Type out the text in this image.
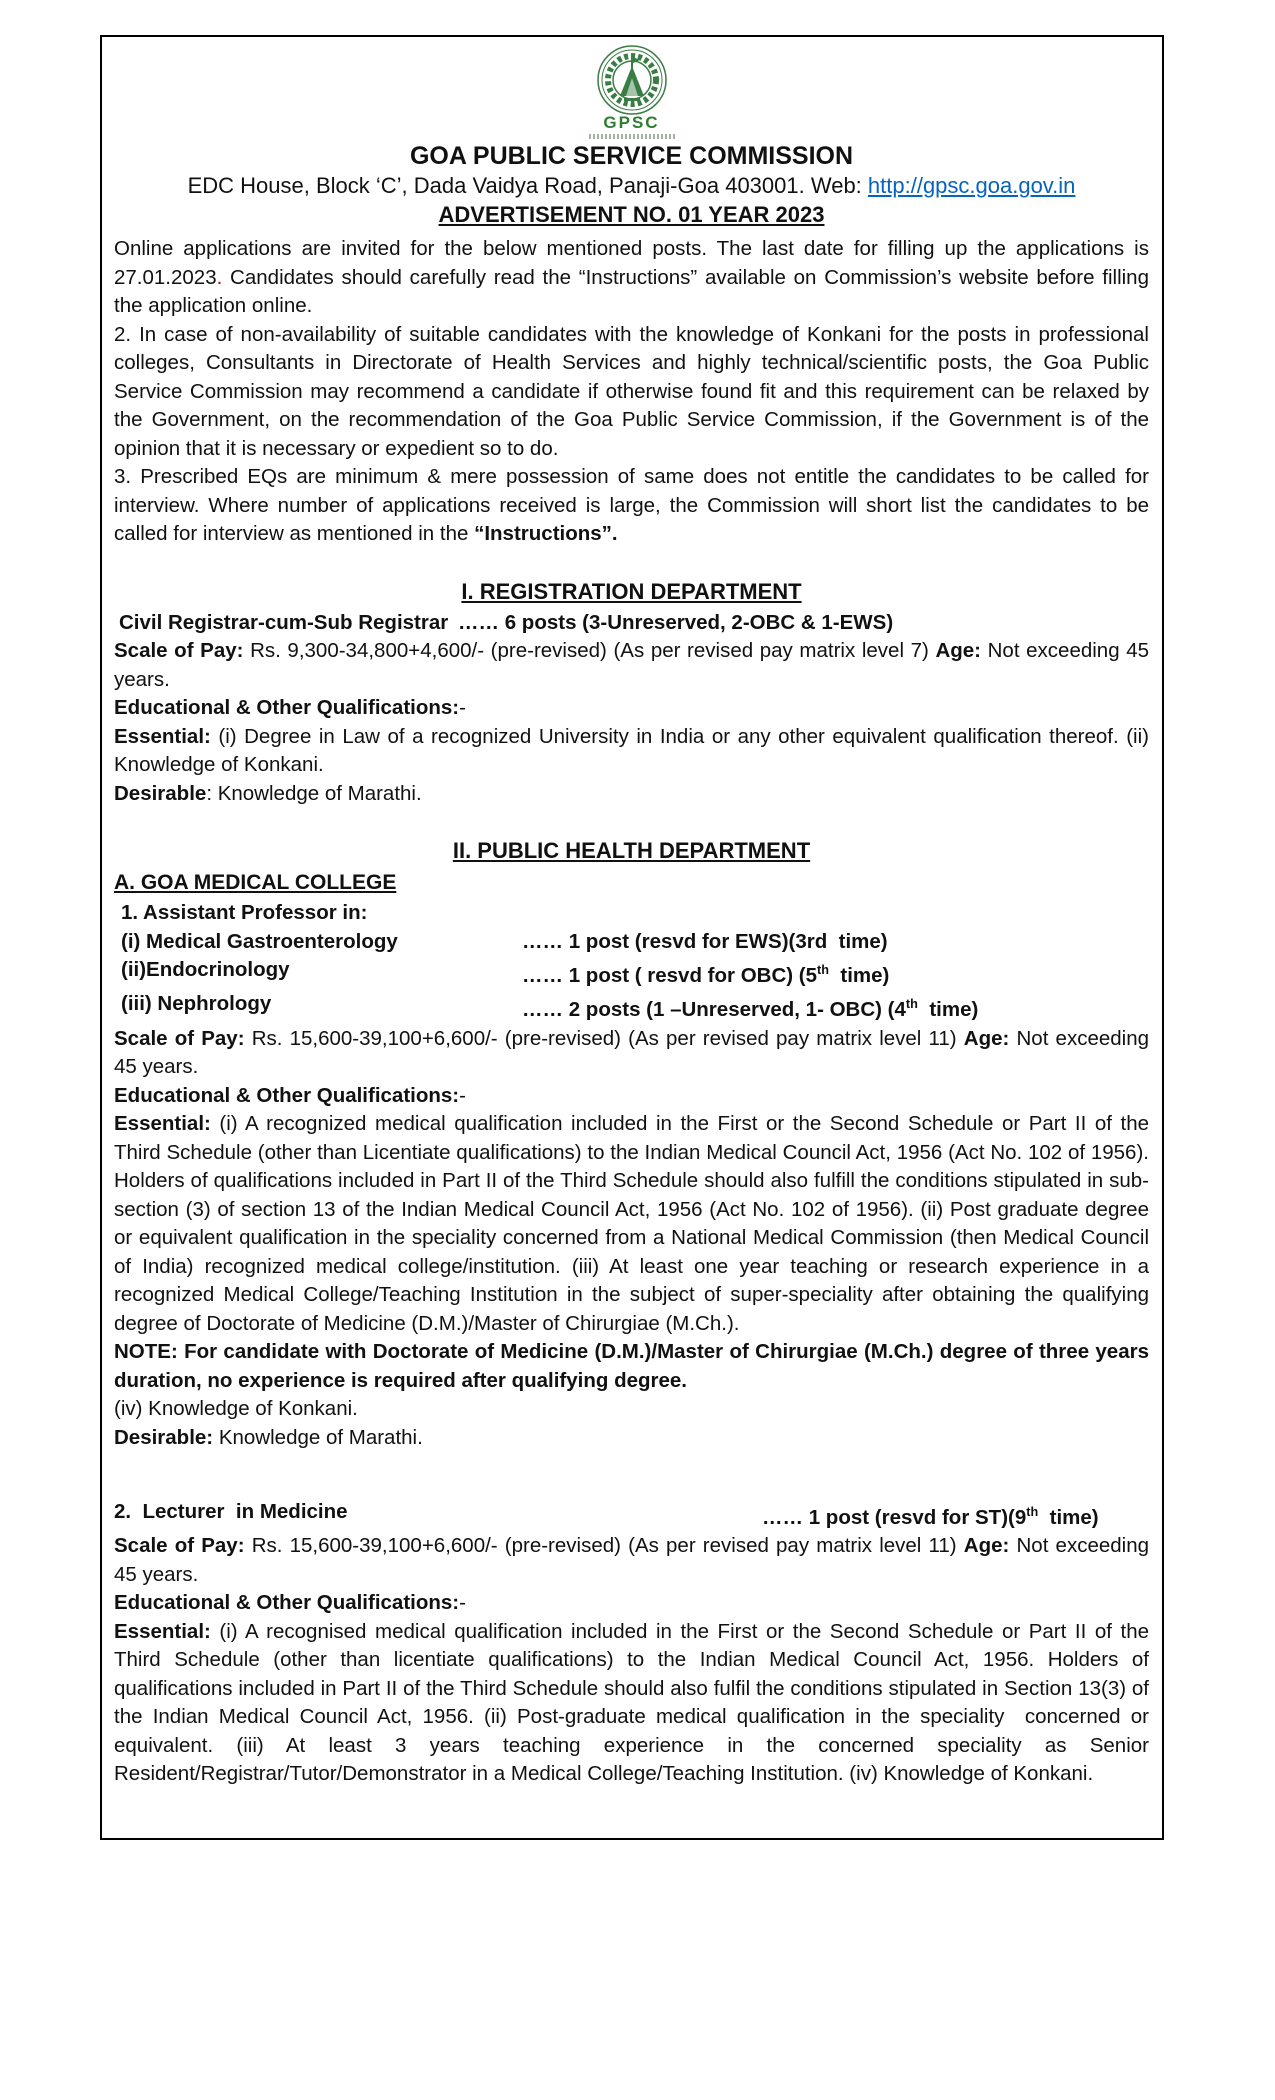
GPSC
GOA PUBLIC SERVICE COMMISSION
EDC House, Block ‘C’, Dada Vaidya Road, Panaji-Goa 403001. Web: http://gpsc.goa.gov.in
ADVERTISEMENT NO. 01 YEAR 2023

Online applications are invited for the below mentioned posts. The last date for filling up the applications is 27.01.2023. Candidates should carefully read the “Instructions” available on Commission’s website before filling the application online.

2. In case of non-availability of suitable candidates with the knowledge of Konkani for the posts in professional colleges, Consultants in Directorate of Health Services and highly technical/scientific posts, the Goa Public Service Commission may recommend a candidate if otherwise found fit and this requirement can be relaxed by the Government, on the recommendation of the Goa Public Service Commission, if the Government is of the opinion that it is necessary or expedient so to do.

3. Prescribed EQs are minimum & mere possession of same does not entitle the candidates to be called for interview. Where number of applications received is large, the Commission will short list the candidates to be called for interview as mentioned in the “Instructions”.

I. REGISTRATION DEPARTMENT
Civil Registrar-cum-Sub Registrar …… 6 posts (3-Unreserved, 2-OBC & 1-EWS)

Scale of Pay: Rs. 9,300-34,800+4,600/- (pre-revised) (As per revised pay matrix level 7) Age: Not exceeding 45 years.

Educational & Other Qualifications:-

Essential: (i) Degree in Law of a recognized University in India or any other equivalent qualification thereof. (ii) Knowledge of Konkani.

Desirable: Knowledge of Marathi.

II. PUBLIC HEALTH DEPARTMENT
A. GOA MEDICAL COLLEGE

1. Assistant Professor in:

(i) Medical Gastroenterology	…… 1 post (resvd for EWS)(3rd  time)
(ii)Endocrinology	…… 1 post ( resvd for OBC) (5th  time)
(iii) Nephrology	…… 2 posts (1 –Unreserved, 1- OBC) (4th  time)

Scale of Pay: Rs. 15,600-39,100+6,600/- (pre-revised) (As per revised pay matrix level 11) Age: Not exceeding 45 years.

Educational & Other Qualifications:-

Essential: (i) A recognized medical qualification included in the First or the Second Schedule or Part II of the Third Schedule (other than Licentiate qualifications) to the Indian Medical Council Act, 1956 (Act No. 102 of 1956). Holders of qualifications included in Part II of the Third Schedule should also fulfill the conditions stipulated in sub-section (3) of section 13 of the Indian Medical Council Act, 1956 (Act No. 102 of 1956). (ii) Post graduate degree or equivalent qualification in the speciality concerned from a National Medical Commission (then Medical Council of India) recognized medical college/institution. (iii) At least one year teaching or research experience in a recognized Medical College/Teaching Institution in the subject of super-speciality after obtaining the qualifying degree of Doctorate of Medicine (D.M.)/Master of Chirurgiae (M.Ch.).

NOTE: For candidate with Doctorate of Medicine (D.M.)/Master of Chirurgiae (M.Ch.) degree of three years duration, no experience is required after qualifying degree.

(iv) Knowledge of Konkani.

Desirable: Knowledge of Marathi.

2.  Lecturer  in Medicine	…… 1 post (resvd for ST)(9th  time)

Scale of Pay: Rs. 15,600-39,100+6,600/- (pre-revised) (As per revised pay matrix level 11) Age: Not exceeding 45 years.

Educational & Other Qualifications:-

Essential: (i) A recognised medical qualification included in the First or the Second Schedule or Part II of the Third Schedule (other than licentiate qualifications) to the Indian Medical Council Act, 1956. Holders of qualifications included in Part II of the Third Schedule should also fulfil the conditions stipulated in Section 13(3) of the Indian Medical Council Act, 1956. (ii) Post-graduate medical qualification in the speciality  concerned or equivalent. (iii) At least 3 years teaching experience in the concerned speciality as Senior Resident/Registrar/Tutor/Demonstrator in a Medical College/Teaching Institution. (iv) Knowledge of Konkani.
